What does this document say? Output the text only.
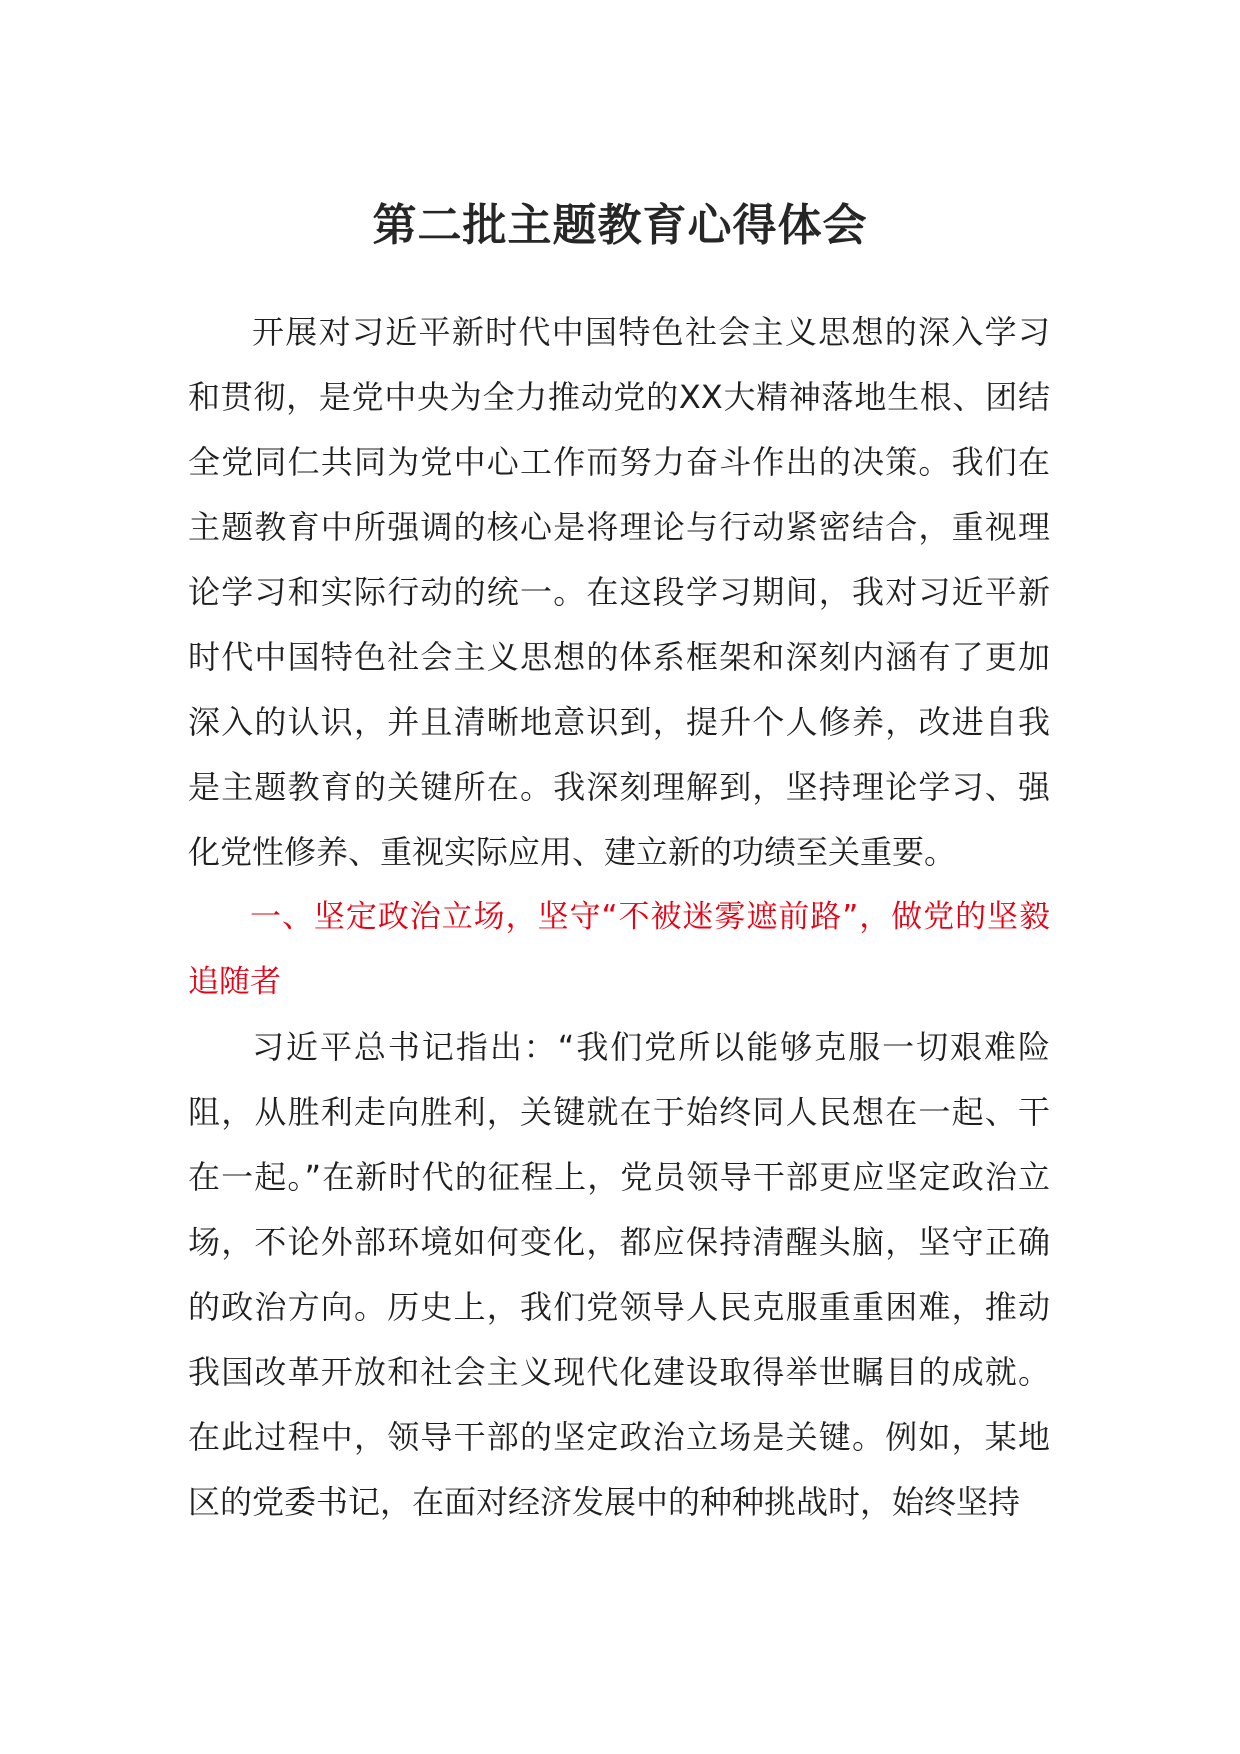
第二批主题教育心得体会

开展对习近平新时代中国特色社会主义思想的深入学习和贯彻，是党中央为全力推动党的XX大精神落地生根、团结全党同仁共同为党中心工作而努力奋斗作出的决策。我们在主题教育中所强调的核心是将理论与行动紧密结合，重视理论学习和实际行动的统一。在这段学习期间，我对习近平新时代中国特色社会主义思想的体系框架和深刻内涵有了更加深入的认识，并且清晰地意识到，提升个人修养，改进自我是主题教育的关键所在。我深刻理解到，坚持理论学习、强化党性修养、重视实际应用、建立新的功绩至关重要。

一、坚定政治立场，坚守“不被迷雾遮前路”，做党的坚毅追随者

习近平总书记指出：“我们党所以能够克服一切艰难险阻，从胜利走向胜利，关键就在于始终同人民想在一起、干在一起。”在新时代的征程上，党员领导干部更应坚定政治立场，不论外部环境如何变化，都应保持清醒头脑，坚守正确的政治方向。历史上，我们党领导人民克服重重困难，推动我国改革开放和社会主义现代化建设取得举世瞩目的成就。在此过程中，领导干部的坚定政治立场是关键。例如，某地区的党委书记，在面对经济发展中的种种挑战时，始终坚持
